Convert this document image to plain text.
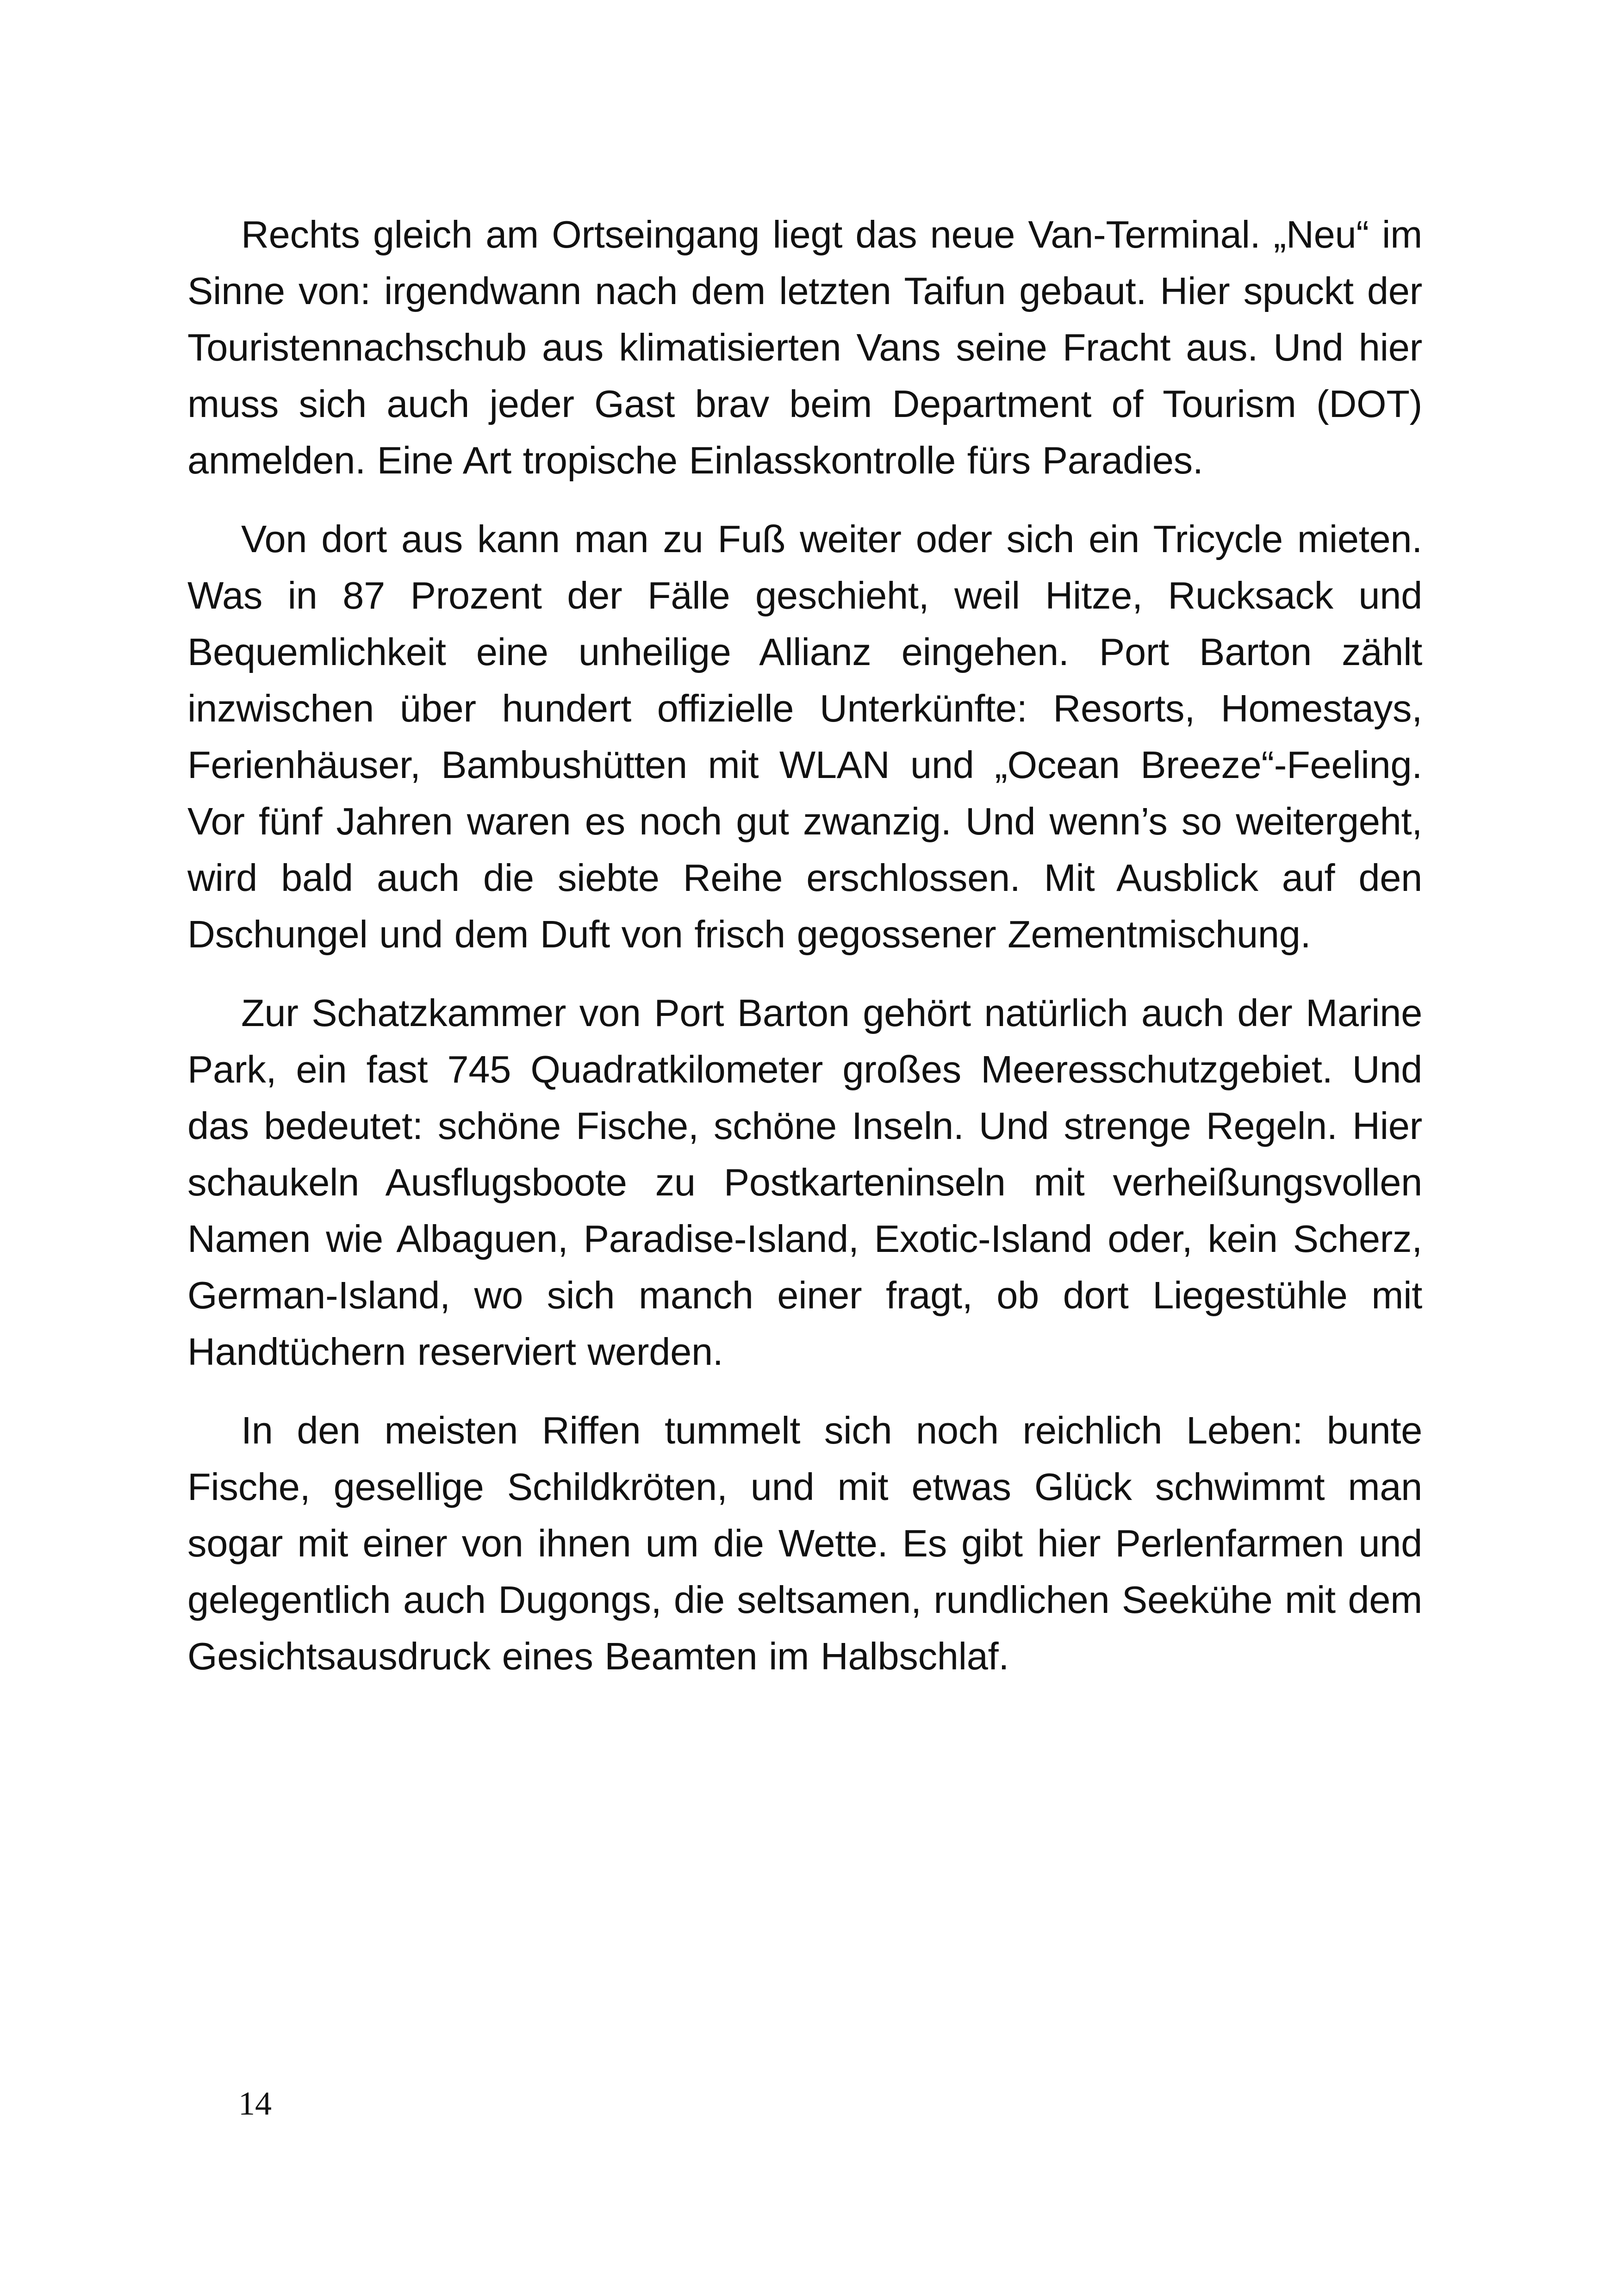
Rechts gleich am Ortseingang liegt das neue Van-Terminal. „Neu“ im Sinne von: irgendwann nach dem letzten Taifun gebaut. Hier spuckt der Touristennachschub aus klimatisierten Vans seine Fracht aus. Und hier muss sich auch jeder Gast brav beim Department of Tourism (DOT) anmelden. Eine Art tropische Einlasskontrolle fürs Paradies.

Von dort aus kann man zu Fuß weiter oder sich ein Tricycle mieten. Was in 87 Prozent der Fälle geschieht, weil Hitze, Rucksack und Bequemlichkeit eine unheilige Allianz eingehen. Port Barton zählt inzwischen über hundert offizielle Unterkünfte: Resorts, Homestays, Ferienhäuser, Bambushütten mit WLAN und „Ocean Breeze“-Feeling. Vor fünf Jahren waren es noch gut zwanzig. Und wenn’s so weitergeht, wird bald auch die siebte Reihe erschlossen. Mit Ausblick auf den Dschungel und dem Duft von frisch gegossener Zementmischung.

Zur Schatzkammer von Port Barton gehört natürlich auch der Marine Park, ein fast 745 Quadratkilometer großes Meeresschutzgebiet. Und das bedeutet: schöne Fische, schöne Inseln. Und strenge Regeln. Hier schaukeln Ausflugsboote zu Postkarteninseln mit verheißungsvollen Namen wie Albaguen, Paradise-Island, Exotic-Island oder, kein Scherz, German-Island, wo sich manch einer fragt, ob dort Liegestühle mit Handtüchern reserviert werden.

In den meisten Riffen tummelt sich noch reichlich Leben: bunte Fische, gesellige Schildkröten, und mit etwas Glück schwimmt man sogar mit einer von ihnen um die Wette. Es gibt hier Perlenfarmen und gelegentlich auch Dugongs, die seltsamen, rundlichen Seekühe mit dem Gesichtsausdruck eines Beamten im Halbschlaf.

14
